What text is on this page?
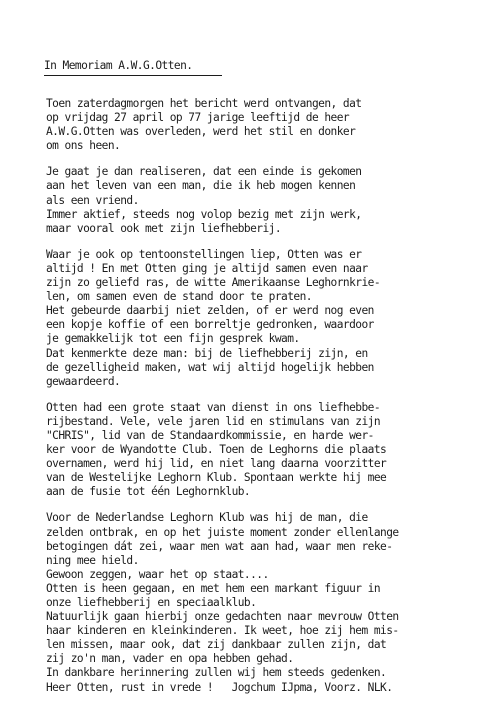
In Memoriam A.W.G.Otten.
Toen zaterdagmorgen het bericht werd ontvangen, dat
op vrijdag 27 april op 77 jarige leeftijd de heer
A.W.G.Otten was overleden, werd het stil en donker
om ons heen.
Je gaat je dan realiseren, dat een einde is gekomen
aan het leven van een man, die ik heb mogen kennen
als een vriend.
Immer aktief, steeds nog volop bezig met zijn werk,
maar vooral ook met zijn liefhebberij.
Waar je ook op tentoonstellingen liep, Otten was er
altijd ! En met Otten ging je altijd samen even naar
zijn zo geliefd ras, de witte Amerikaanse Leghornkrie-
len, om samen even de stand door te praten.
Het gebeurde daarbij niet zelden, of er werd nog even
een kopje koffie of een borreltje gedronken, waardoor
je gemakkelijk tot een fijn gesprek kwam.
Dat kenmerkte deze man: bij de liefhebberij zijn, en
de gezelligheid maken, wat wij altijd hogelijk hebben
gewaardeerd.
Otten had een grote staat van dienst in ons liefhebbe-
rijbestand. Vele, vele jaren lid en stimulans van zijn
"CHRIS", lid van de Standaardkommissie, en harde wer-
ker voor de Wyandotte Club. Toen de Leghorns die plaats
overnamen, werd hij lid, en niet lang daarna voorzitter
van de Westelijke Leghorn Klub. Spontaan werkte hij mee
aan de fusie tot één Leghornklub.
Voor de Nederlandse Leghorn Klub was hij de man, die
zelden ontbrak, en op het juiste moment zonder ellenlange
betogingen dát zei, waar men wat aan had, waar men reke-
ning mee hield.
Gewoon zeggen, waar het op staat....
Otten is heen gegaan, en met hem een markant figuur in
onze liefhebberij en speciaalklub.
Natuurlijk gaan hierbij onze gedachten naar mevrouw Otten
haar kinderen en kleinkinderen. Ik weet, hoe zij hem mis-
len missen, maar ook, dat zij dankbaar zullen zijn, dat
zij zo'n man, vader en opa hebben gehad.
In dankbare herinnering zullen wij hem steeds gedenken.
Heer Otten, rust in vrede !   Jogchum IJpma, Voorz. NLK.
